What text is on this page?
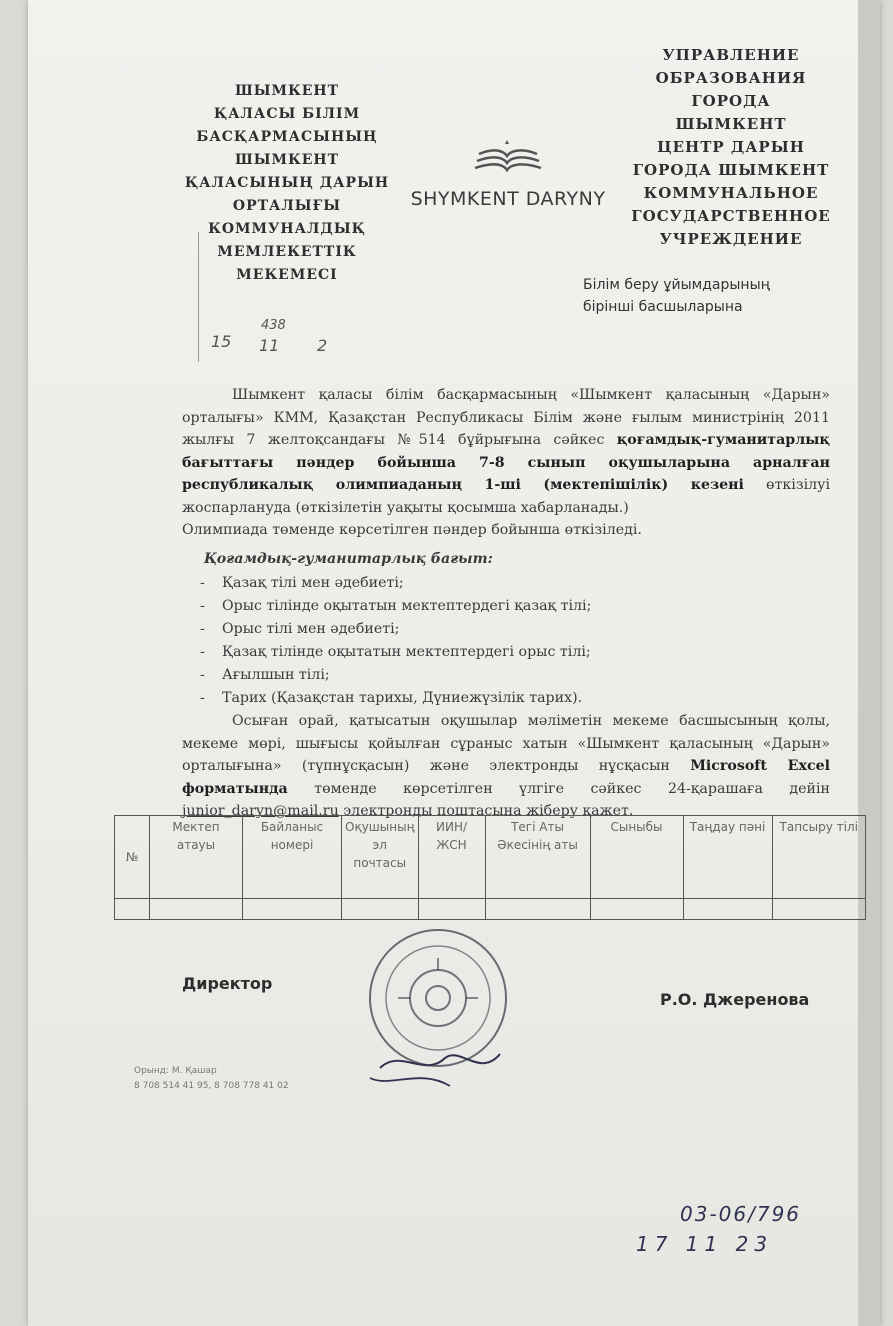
ШЫМКЕНТ
ҚАЛАСЫ БІЛІМ
БАСҚАРМАСЫНЫҢ
ШЫМКЕНТ
ҚАЛАСЫНЫҢ ДАРЫН
ОРТАЛЫҒЫ
КОММУНАЛДЫҚ
МЕМЛЕКЕТТІК
МЕКЕМЕСІ
SHYMKENT DARYNY
УПРАВЛЕНИЕ
ОБРАЗОВАНИЯ
ГОРОДА
ШЫМКЕНТ
ЦЕНТР ДАРЫН
ГОРОДА ШЫМКЕНТ
КОММУНАЛЬНОЕ
ГОСУДАРСТВЕННОЕ
УЧРЕЖДЕНИЕ
15
438
11 2
Білім беру ұйымдарының
бірінші басшыларына

Шымкент қаласы білім басқармасының «Шымкент қаласының «Дарын» орталығы» КММ, Қазақстан Республикасы Білім және ғылым министрінің 2011 жылғы 7 желтоқсандағы №514 бұйрығына сәйкес қоғамдық-гуманитарлық бағыттағы пәндер бойынша 7-8 сынып оқушыларына арналған республикалық олимпиаданың 1-ші (мектепішілік) кезені өткізілуі жоспарлануда (өткізілетін уақыты қосымша хабарланады.)

Олимпиада төменде көрсетілген пәндер бойынша өткізіледі.

Қоғамдық-гуманитарлық бағыт:
- Қазақ тілі мен әдебиеті;
- Орыс тілінде оқытатын мектептердегі қазақ тілі;
- Орыс тілі мен әдебиеті;
- Қазақ тілінде оқытатын мектептердегі орыс тілі;
- Ағылшын тілі;
- Тарих (Қазақстан тарихы, Дүниежүзілік тарих).

Осыған орай, қатысатын оқушылар мәліметін мекеме басшысының қолы, мекеме мөрі, шығысы қойылған сұраныс хатын «Шымкент қаласының «Дарын» орталығына» (түпнұсқасын) және электронды нұсқасын Microsoft Excel форматында төменде көрсетілген үлгіге сәйкес 24-қарашаға дейін junior_daryn@mail.ru электронды поштасына жіберу қажет.

№	Мектеп атауы	Байланыс номері	Оқушының эл почтасы	ИИН/ ЖСН	Тегі Аты Әкесінің аты	Сыныбы	Таңдау пәні	Тапсыру тілі

Директор
Р.О. Джеренова
Орынд: М. Қашар
8 708 514 41 95, 8 708 778 41 02
03-06/796
17 11 23
